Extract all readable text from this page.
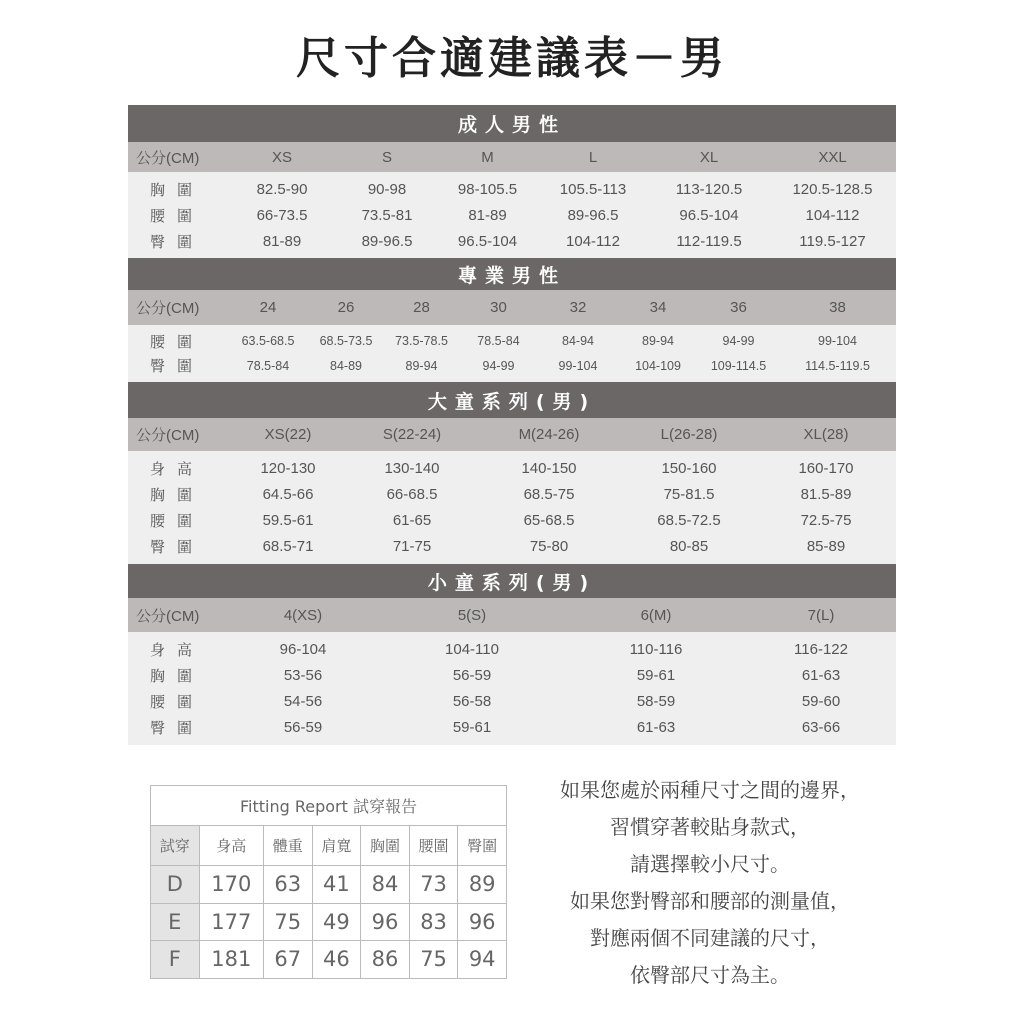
尺寸合適建議表－男
成人男性
公分(CM)	XS	S	M	L	XL	XXL
胸圍	82.5-90	90-98	98-105.5	105.5-113	113-120.5	120.5-128.5
腰圍	66-73.5	73.5-81	81-89	89-96.5	96.5-104	104-112
臀圍	81-89	89-96.5	96.5-104	104-112	112-119.5	119.5-127
專業男性
公分(CM)	24	26	28	30	32	34	36	38
腰圍	63.5-68.5	68.5-73.5	73.5-78.5	78.5-84	84-94	89-94	94-99	99-104
臀圍	78.5-84	84-89	89-94	94-99	99-104	104-109	109-114.5	114.5-119.5
大童系列(男)
公分(CM)	XS(22)	S(22-24)	M(24-26)	L(26-28)	XL(28)
身高	120-130	130-140	140-150	150-160	160-170
胸圍	64.5-66	66-68.5	68.5-75	75-81.5	81.5-89
腰圍	59.5-61	61-65	65-68.5	68.5-72.5	72.5-75
臀圍	68.5-71	71-75	75-80	80-85	85-89
小童系列(男)
公分(CM)	4(XS)	5(S)	6(M)	7(L)
身高	96-104	104-110	110-116	116-122
胸圍	53-56	56-59	59-61	61-63
腰圍	54-56	56-58	58-59	59-60
臀圍	56-59	59-61	61-63	63-66
Fitting Report 試穿報告						
試穿	身高	體重	肩寬	胸圍	腰圍	臀圍
D	170	63	41	84	73	89
E	177	75	49	96	83	96
F	181	67	46	86	75	94
如果您處於兩種尺寸之間的邊界，
習慣穿著較貼身款式，
請選擇較小尺寸。
如果您對臀部和腰部的測量值，
對應兩個不同建議的尺寸，
依臀部尺寸為主。
